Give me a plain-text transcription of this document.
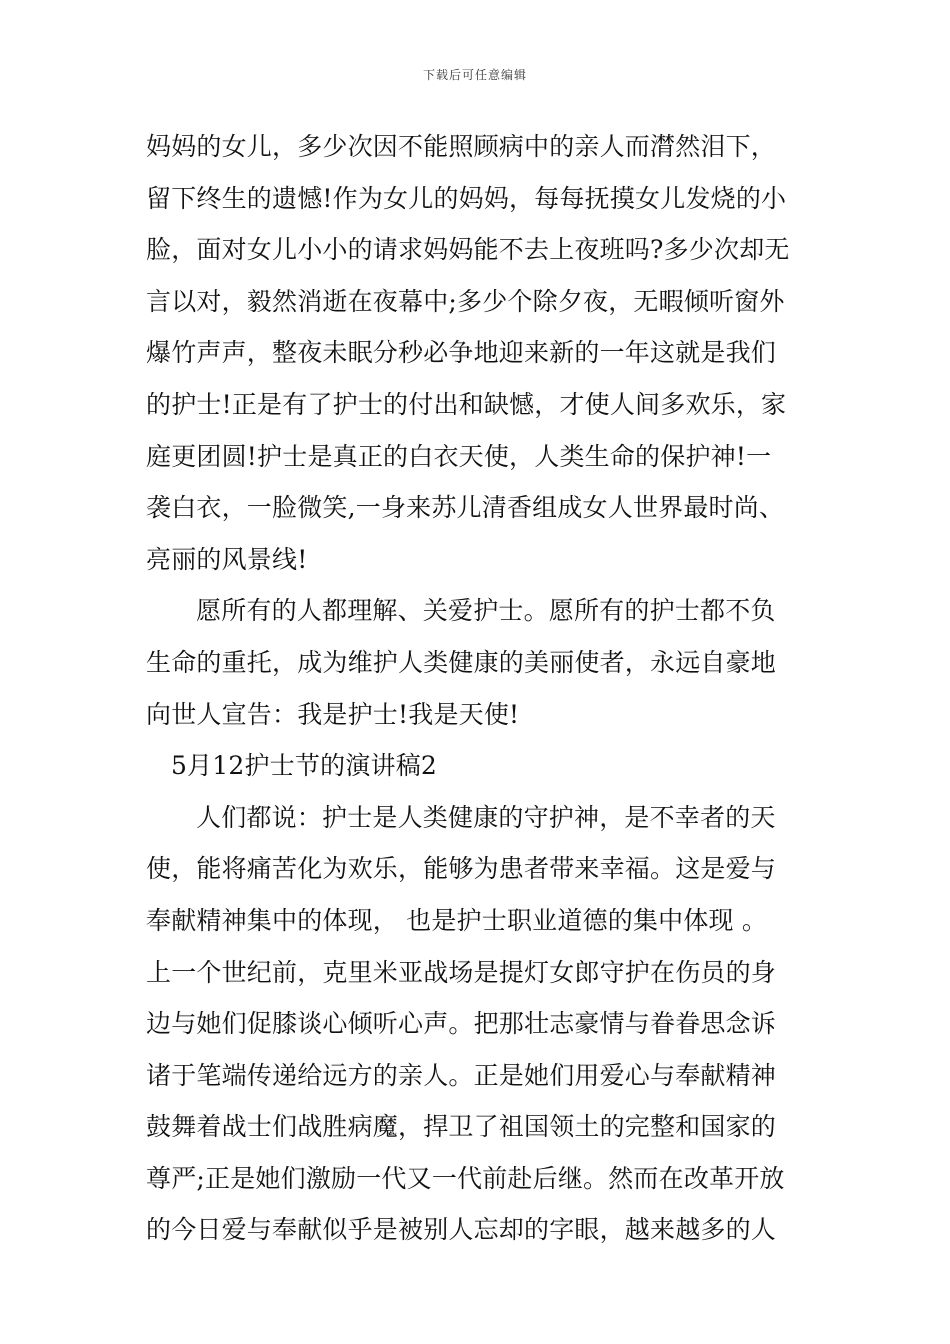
下载后可任意编辑
妈妈的女儿，多少次因不能照顾病中的亲人而潸然泪下，
留下终生的遗憾!作为女儿的妈妈，每每抚摸女儿发烧的小
脸，面对女儿小小的请求妈妈能不去上夜班吗?多少次却无
言以对，毅然消逝在夜幕中;多少个除夕夜，无暇倾听窗外
爆竹声声，整夜未眠分秒必争地迎来新的一年这就是我们
的护士!正是有了护士的付出和缺憾，才使人间多欢乐，家
庭更团圆!护士是真正的白衣天使，人类生命的保护神!一
袭白衣，一脸微笑,一身来苏儿清香组成女人世界最时尚、
亮丽的风景线!
愿所有的人都理解、关爱护士。愿所有的护士都不负
生命的重托，成为维护人类健康的美丽使者，永远自豪地
向世人宣告：我是护士!我是天使!
5月12护士节的演讲稿2
人们都说：护士是人类健康的守护神，是不幸者的天
使，能将痛苦化为欢乐，能够为患者带来幸福。这是爱与
奉献精神集中的体现， 也是护士职业道德的集中体现 。
上一个世纪前，克里米亚战场是提灯女郎守护在伤员的身
边与她们促膝谈心倾听心声。把那壮志豪情与眷眷思念诉
诸于笔端传递给远方的亲人。正是她们用爱心与奉献精神
鼓舞着战士们战胜病魔，捍卫了祖国领土的完整和国家的
尊严;正是她们激励一代又一代前赴后继。然而在改革开放
的今日爱与奉献似乎是被别人忘却的字眼，越来越多的人
